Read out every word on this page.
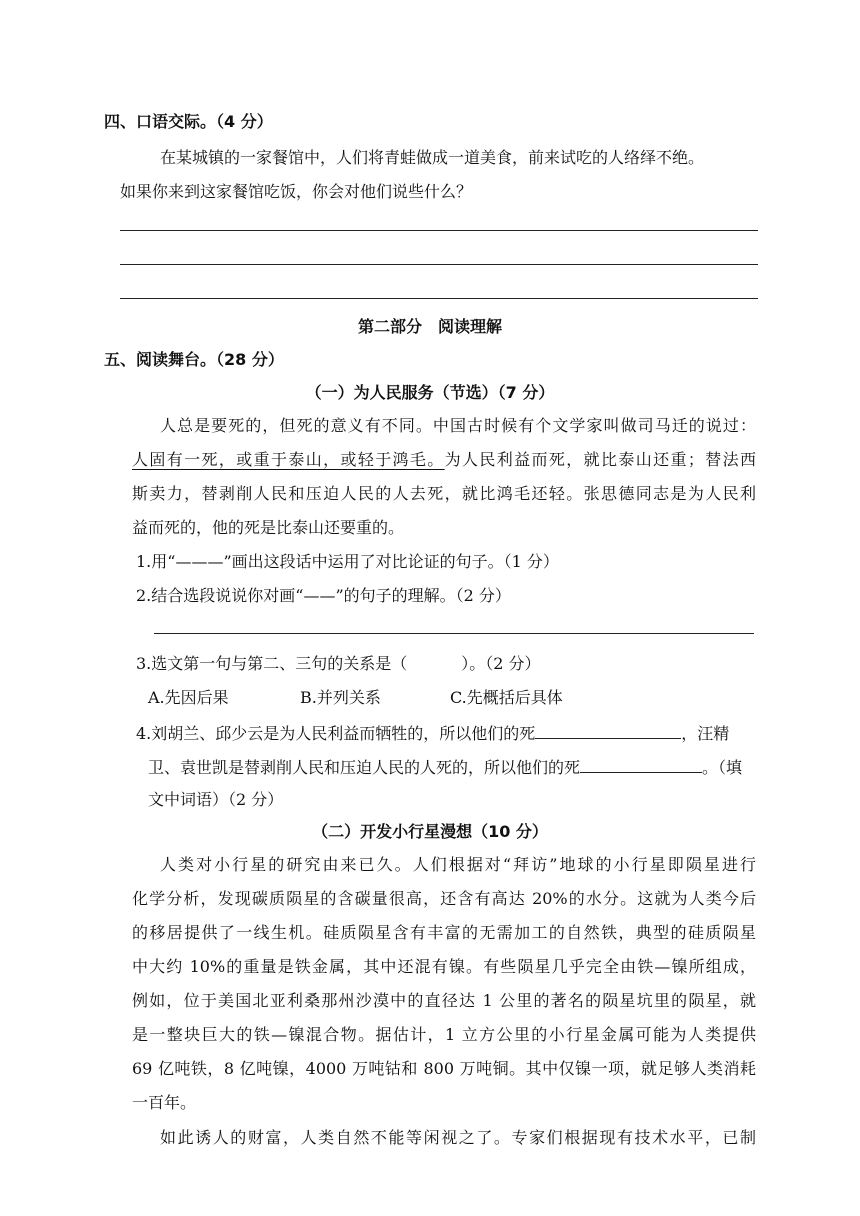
四、口语交际。（4 分）
在某城镇的一家餐馆中，人们将青蛙做成一道美食，前来试吃的人络绎不绝。
如果你来到这家餐馆吃饭，你会对他们说些什么？
第二部分　阅读理解
五、阅读舞台。（28 分）
（一）为人民服务（节选）（7 分）
人总是要死的，但死的意义有不同。中国古时候有个文学家叫做司马迁的说过：
人固有一死，或重于泰山，或轻于鸿毛。为人民利益而死，就比泰山还重；替法西
斯卖力，替剥削人民和压迫人民的人去死，就比鸿毛还轻。张思德同志是为人民利
益而死的，他的死是比泰山还要重的。
1.用“———”画出这段话中运用了对比论证的句子。（1 分）
2.结合选段说说你对画“——”的句子的理解。（2 分）
3.选文第一句与第二、三句的关系是（	）。（2 分）
A.先因后果	B.并列关系	C.先概括后具体
4.刘胡兰、邱少云是为人民利益而牺牲的，所以他们的死	，汪精
卫、袁世凯是替剥削人民和压迫人民的人死的，所以他们的死	。（填
文中词语）（2 分）
（二）开发小行星漫想（10 分）
人类对小行星的研究由来已久。人们根据对“拜访”地球的小行星即陨星进行
化学分析，发现碳质陨星的含碳量很高，还含有高达 20%的水分。这就为人类今后
的移居提供了一线生机。硅质陨星含有丰富的无需加工的自然铁，典型的硅质陨星
中大约 10%的重量是铁金属，其中还混有镍。有些陨星几乎完全由铁—镍所组成，
例如，位于美国北亚利桑那州沙漠中的直径达 1 公里的著名的陨星坑里的陨星，就
是一整块巨大的铁—镍混合物。据估计，1 立方公里的小行星金属可能为人类提供
69 亿吨铁，8 亿吨镍，4000 万吨钴和 800 万吨铜。其中仅镍一项，就足够人类消耗
一百年。
如此诱人的财富，人类自然不能等闲视之了。专家们根据现有技术水平，已制
